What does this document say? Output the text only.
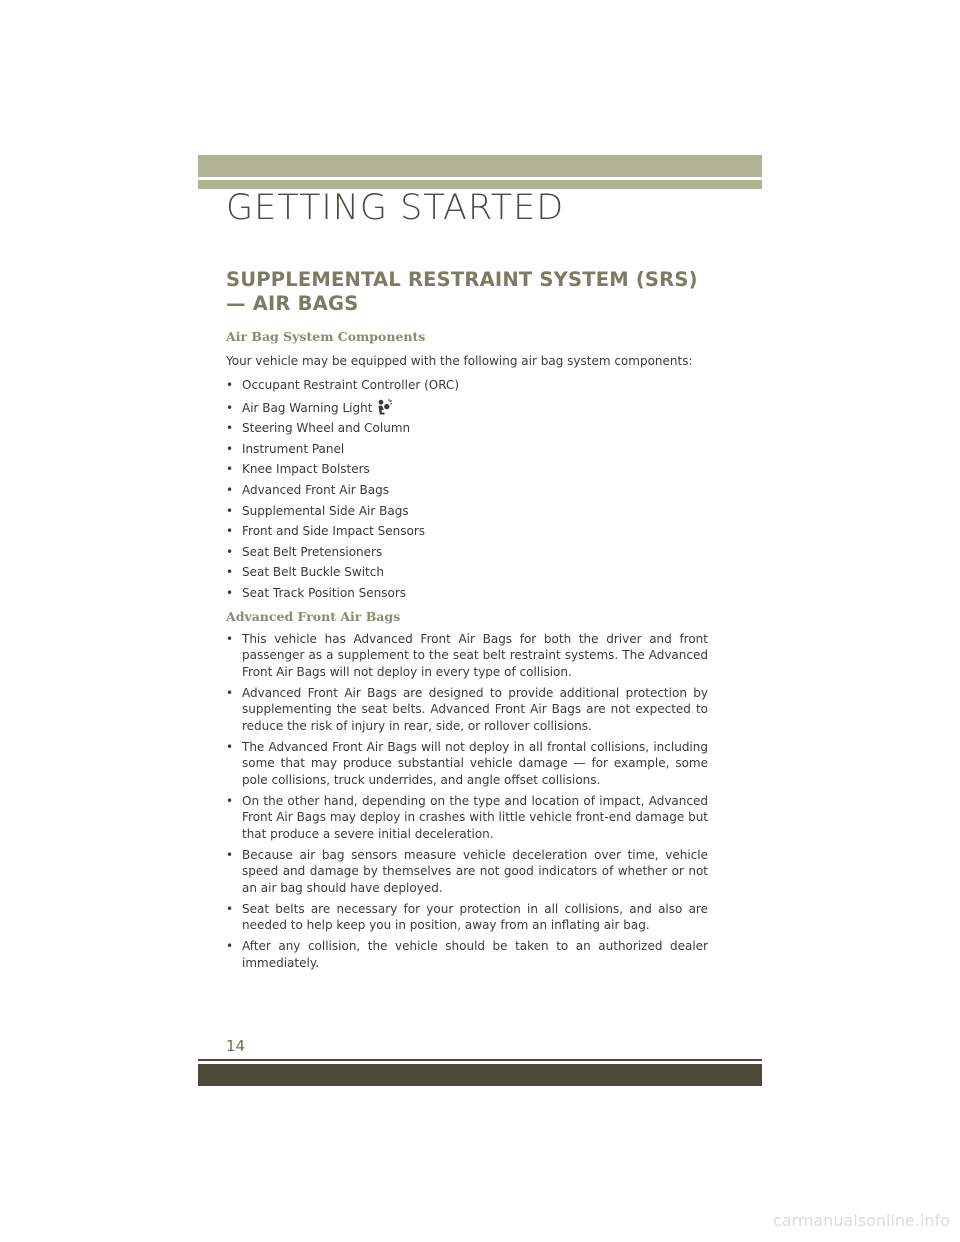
GETTING STARTED
SUPPLEMENTAL RESTRAINT SYSTEM (SRS) — AIR BAGS
Air Bag System Components

Your vehicle may be equipped with the following air bag system components:

• Occupant Restraint Controller (ORC)
• Air Bag Warning Light
• Steering Wheel and Column
• Instrument Panel
• Knee Impact Bolsters
• Advanced Front Air Bags
• Supplemental Side Air Bags
• Front and Side Impact Sensors
• Seat Belt Pretensioners
• Seat Belt Buckle Switch
• Seat Track Position Sensors
Advanced Front Air Bags
• This vehicle has Advanced Front Air Bags for both the driver and front passenger as a supplement to the seat belt restraint systems. The Advanced Front Air Bags will not deploy in every type of collision.
• Advanced Front Air Bags are designed to provide additional protection by supplementing the seat belts. Advanced Front Air Bags are not expected to reduce the risk of injury in rear, side, or rollover collisions.
• The Advanced Front Air Bags will not deploy in all frontal collisions, including some that may produce substantial vehicle damage — for example, some pole collisions, truck underrides, and angle offset collisions.
• On the other hand, depending on the type and location of impact, Advanced Front Air Bags may deploy in crashes with little vehicle front-end damage but that produce a severe initial deceleration.
• Because air bag sensors measure vehicle deceleration over time, vehicle speed and damage by themselves are not good indicators of whether or not an air bag should have deployed.
• Seat belts are necessary for your protection in all collisions, and also are needed to help keep you in position, away from an inflating air bag.
• After any collision, the vehicle should be taken to an authorized dealer immediately.
14
carmanualsonline.info
